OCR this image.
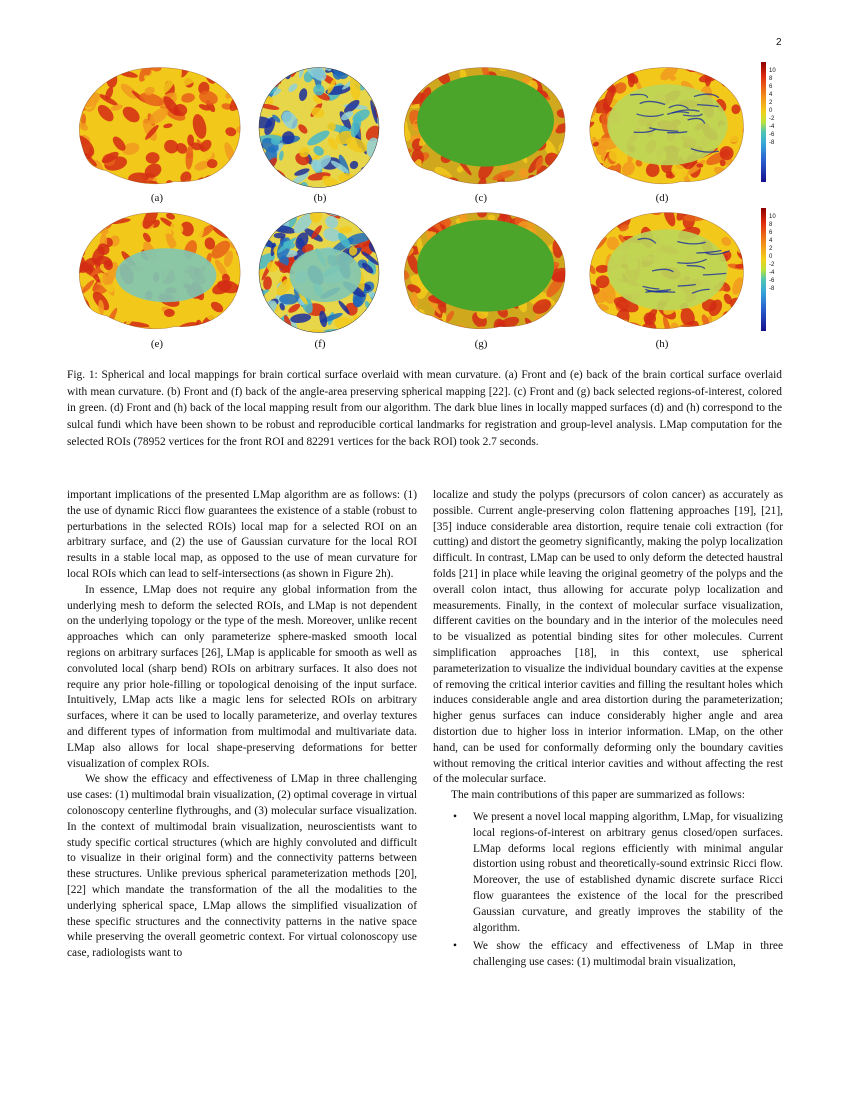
2
(a)	(b)	(c)	(d)
10
8
6
4
2
0
-2
-4
-6
-8
(e)	(f)	(g)	(h)
10
8
6
4
2
0
-2
-4
-6
-8
Fig. 1: Spherical and local mappings for brain cortical surface overlaid with mean curvature. (a) Front and (e) back of the brain cortical surface overlaid with mean curvature. (b) Front and (f) back of the angle-area preserving spherical mapping [22]. (c) Front and (g) back selected regions-of-interest, colored in green. (d) Front and (h) back of the local mapping result from our algorithm. The dark blue lines in locally mapped surfaces (d) and (h) correspond to the sulcal fundi which have been shown to be robust and reproducible cortical landmarks for registration and group-level analysis. LMap computation for the selected ROIs (78952 vertices for the front ROI and 82291 vertices for the back ROI) took 2.7 seconds.

important implications of the presented LMap algorithm are as follows: (1) the use of dynamic Ricci flow guarantees the existence of a stable (robust to perturbations in the selected ROIs) local map for a selected ROI on an arbitrary surface, and (2) the use of Gaussian curvature for the local ROI results in a stable local map, as opposed to the use of mean curvature for local ROIs which can lead to self-intersections (as shown in Figure 2h).

In essence, LMap does not require any global information from the underlying mesh to deform the selected ROIs, and LMap is not dependent on the underlying topology or the type of the mesh. Moreover, unlike recent approaches which can only parameterize sphere-masked smooth local regions on arbitrary surfaces [26], LMap is applicable for smooth as well as convoluted local (sharp bend) ROIs on arbitrary surfaces. It also does not require any prior hole-filling or topological denoising of the input surface. Intuitively, LMap acts like a magic lens for selected ROIs on arbitrary surfaces, where it can be used to locally parameterize, and overlay textures and different types of information from multimodal and multivariate data. LMap also allows for local shape-preserving deformations for better visualization of complex ROIs.

We show the efficacy and effectiveness of LMap in three challenging use cases: (1) multimodal brain visualization, (2) optimal coverage in virtual colonoscopy centerline flythroughs, and (3) molecular surface visualization. In the context of multimodal brain visualization, neuroscientists want to study specific cortical structures (which are highly convoluted and difficult to visualize in their original form) and the connectivity patterns between these structures. Unlike previous spherical parameterization methods [20], [22] which mandate the transformation of the all the modalities to the underlying spherical space, LMap allows the simplified visualization of these specific structures and the connectivity patterns in the native space while preserving the overall geometric context. For virtual colonoscopy use case, radiologists want to

localize and study the polyps (precursors of colon cancer) as accurately as possible. Current angle-preserving colon flattening approaches [19], [21], [35] induce considerable area distortion, require tenaie coli extraction (for cutting) and distort the geometry significantly, making the polyp localization difficult. In contrast, LMap can be used to only deform the detected haustral folds [21] in place while leaving the original geometry of the polyps and the overall colon intact, thus allowing for accurate polyp localization and measurements. Finally, in the context of molecular surface visualization, different cavities on the boundary and in the interior of the molecules need to be visualized as potential binding sites for other molecules. Current simplification approaches [18], in this context, use spherical parameterization to visualize the individual boundary cavities at the expense of removing the critical interior cavities and filling the resultant holes which induces considerable angle and area distortion during the parameterization; higher genus surfaces can induce considerably higher angle and area distortion due to higher loss in interior information. LMap, on the other hand, can be used for conformally deforming only the boundary cavities without removing the critical interior cavities and without affecting the rest of the molecular surface.

The main contributions of this paper are summarized as follows:

• We present a novel local mapping algorithm, LMap, for visualizing local regions-of-interest on arbitrary genus closed/open surfaces. LMap deforms local regions efficiently with minimal angular distortion using robust and theoretically-sound extrinsic Ricci flow. Moreover, the use of established dynamic discrete surface Ricci flow guarantees the existence of the local for the prescribed Gaussian curvature, and greatly improves the stability of the algorithm.
• We show the efficacy and effectiveness of LMap in three challenging use cases: (1) multimodal brain visualization,
